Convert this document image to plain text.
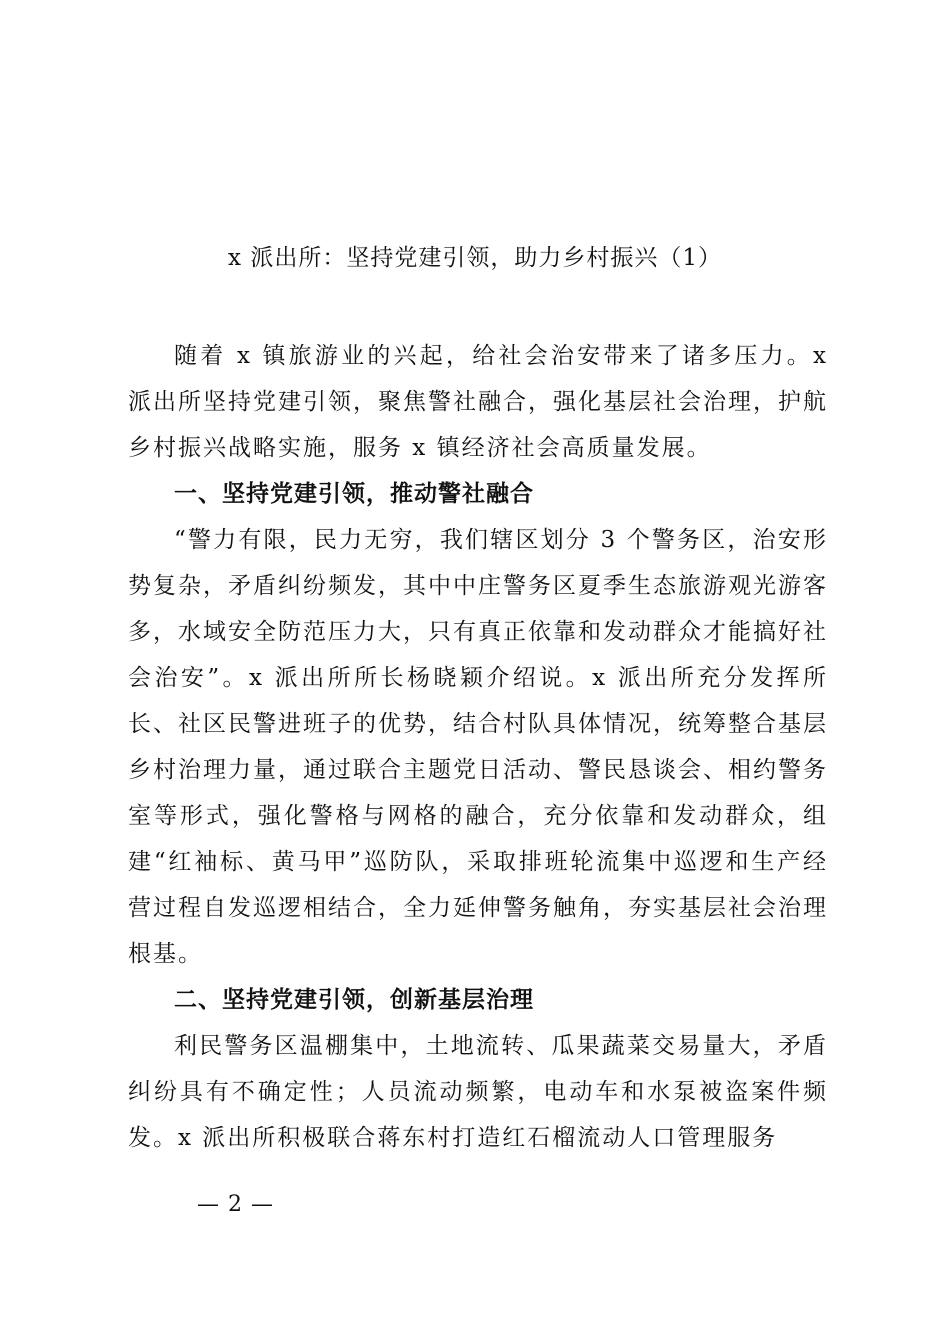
x 派出所：坚持党建引领，助力乡村振兴（1）

随着 x 镇旅游业的兴起，给社会治安带来了诸多压力。x 派出所坚持党建引领，聚焦警社融合，强化基层社会治理，护航乡村振兴战略实施，服务 x 镇经济社会高质量发展。

一、坚持党建引领，推动警社融合

“警力有限，民力无穷，我们辖区划分 3 个警务区，治安形势复杂，矛盾纠纷频发，其中中庄警务区夏季生态旅游观光游客多，水域安全防范压力大，只有真正依靠和发动群众才能搞好社会治安”。x 派出所所长杨晓颖介绍说。x 派出所充分发挥所长、社区民警进班子的优势，结合村队具体情况，统筹整合基层乡村治理力量，通过联合主题党日活动、警民恳谈会、相约警务室等形式，强化警格与网格的融合，充分依靠和发动群众，组建“红袖标、黄马甲”巡防队，采取排班轮流集中巡逻和生产经营过程自发巡逻相结合，全力延伸警务触角，夯实基层社会治理根基。

二、坚持党建引领，创新基层治理

利民警务区温棚集中，土地流转、瓜果蔬菜交易量大，矛盾纠纷具有不确定性；人员流动频繁，电动车和水泵被盗案件频发。x 派出所积极联合蒋东村打造红石榴流动人口管理服务

— 2 —
